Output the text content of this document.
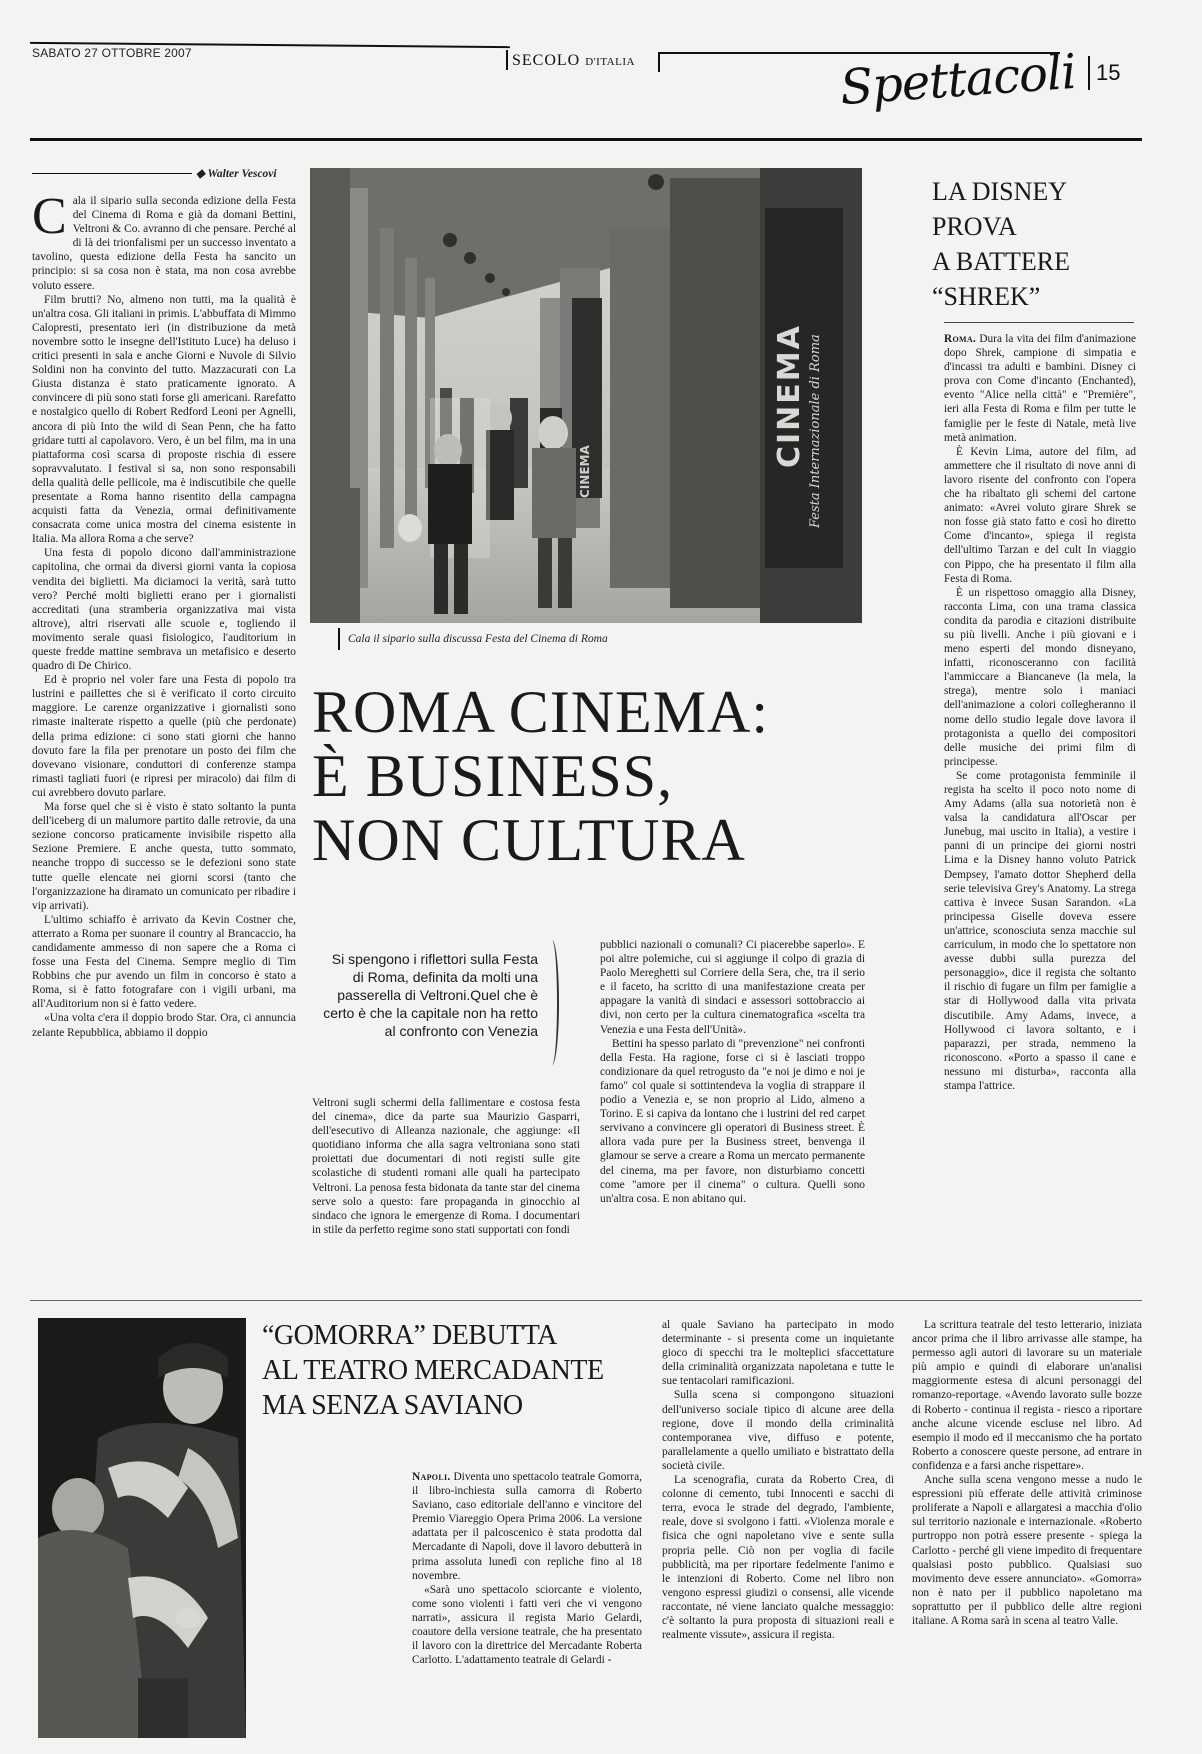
SABATO 27 OTTOBRE 2007	SECOLO D'ITALIA	Spettacoli 15
◆ Walter Vescovi

Cala il sipario sulla seconda edizione della Festa del Cinema di Roma e già da domani Bettini, Veltroni & Co. avranno di che pensare. Perché al di là dei trionfalismi per un successo inventato a tavolino, questa edizione della Festa ha sancito un principio: si sa cosa non è stata, ma non cosa avrebbe voluto essere.

Film brutti? No, almeno non tutti, ma la qualità è un'altra cosa. Gli italiani in primis. L'abbuffata di Mimmo Calopresti, presentato ieri (in distribuzione da metà novembre sotto le insegne dell'Istituto Luce) ha deluso i critici presenti in sala e anche Giorni e Nuvole di Silvio Soldini non ha convinto del tutto. Mazzacurati con La Giusta distanza è stato praticamente ignorato. A convincere di più sono stati forse gli americani. Rarefatto e nostalgico quello di Robert Redford Leoni per Agnelli, ancora di più Into the wild di Sean Penn, che ha fatto gridare tutti al capolavoro. Vero, è un bel film, ma in una piattaforma così scarsa di proposte rischia di essere sopravvalutato. I festival si sa, non sono responsabili della qualità delle pellicole, ma è indiscutibile che quelle presentate a Roma hanno risentito della campagna acquisti fatta da Venezia, ormai definitivamente consacrata come unica mostra del cinema esistente in Italia. Ma allora Roma a che serve?

Una festa di popolo dicono dall'amministrazione capitolina, che ormai da diversi giorni vanta la copiosa vendita dei biglietti. Ma diciamoci la verità, sarà tutto vero? Perché molti biglietti erano per i giornalisti accreditati (una stramberia organizzativa mai vista altrove), altri riservati alle scuole e, togliendo il movimento serale quasi fisiologico, l'auditorium in queste fredde mattine sembrava un metafisico e deserto quadro di De Chirico.

Ed è proprio nel voler fare una Festa di popolo tra lustrini e paillettes che si è verificato il corto circuito maggiore. Le carenze organizzative i giornalisti sono rimaste inalterate rispetto a quelle (più che perdonate) della prima edizione: ci sono stati giorni che hanno dovuto fare la fila per prenotare un posto dei film che dovevano visionare, conduttori di conferenze stampa rimasti tagliati fuori (e ripresi per miracolo) dai film di cui avrebbero dovuto parlare.

Ma forse quel che si è visto è stato soltanto la punta dell'iceberg di un malumore partito dalle retrovie, da una sezione concorso praticamente invisibile rispetto alla Sezione Premiere. E anche questa, tutto sommato, neanche troppo di successo se le defezioni sono state tutte quelle elencate nei giorni scorsi (tanto che l'organizzazione ha diramato un comunicato per ribadire i vip arrivati).

L'ultimo schiaffo è arrivato da Kevin Costner che, atterrato a Roma per suonare il country al Brancaccio, ha candidamente ammesso di non sapere che a Roma ci fosse una Festa del Cinema. Sempre meglio di Tim Robbins che pur avendo un film in concorso è stato a Roma, si è fatto fotografare con i vigili urbani, ma all'Auditorium non si è fatto vedere.

«Una volta c'era il doppio brodo Star. Ora, ci annuncia zelante Repubblica, abbiamo il doppio

CINEMA Festa Internazionale di Roma
CINEMA
Cala il sipario sulla discussa Festa del Cinema di Roma
ROMA CINEMA:
È BUSINESS,
NON CULTURA
Si spengono i riflettori sulla Festa di Roma, definita da molti una passerella di Veltroni.Quel che è certo è che la capitale non ha retto al confronto con Venezia

Veltroni sugli schermi della fallimentare e costosa festa del cinema», dice da parte sua Maurizio Gasparri, dell'esecutivo di Alleanza nazionale, che aggiunge: «Il quotidiano informa che alla sagra veltroniana sono stati proiettati due documentari di noti registi sulle gite scolastiche di studenti romani alle quali ha partecipato Veltroni. La penosa festa bidonata da tante star del cinema serve solo a questo: fare propaganda in ginocchio al sindaco che ignora le emergenze di Roma. I documentari in stile da perfetto regime sono stati supportati con fondi

pubblici nazionali o comunali? Ci piacerebbe saperlo». E poi altre polemiche, cui si aggiunge il colpo di grazia di Paolo Mereghetti sul Corriere della Sera, che, tra il serio e il faceto, ha scritto di una manifestazione creata per appagare la vanità di sindaci e assessori sottobraccio ai divi, non certo per la cultura cinematografica «scelta tra Venezia e una Festa dell'Unità».

Bettini ha spesso parlato di "prevenzione" nei confronti della Festa. Ha ragione, forse ci si è lasciati troppo condizionare da quel retrogusto da "e noi je dimo e noi je famo" col quale si sottintendeva la voglia di strappare il podio a Venezia e, se non proprio al Lido, almeno a Torino. E si capiva da lontano che i lustrini del red carpet servivano a convincere gli operatori di Business street. È allora vada pure per la Business street, benvenga il glamour se serve a creare a Roma un mercato permanente del cinema, ma per favore, non disturbiamo concetti come "amore per il cinema" o cultura. Quelli sono un'altra cosa. E non abitano qui.

LA DISNEY
PROVA
A BATTERE
“SHREK”

Roma. Dura la vita dei film d'animazione dopo Shrek, campione di simpatia e d'incassi tra adulti e bambini. Disney ci prova con Come d'incanto (Enchanted), evento "Alice nella città" e "Première", ieri alla Festa di Roma e film per tutte le famiglie per le feste di Natale, metà live metà animation.

È Kevin Lima, autore del film, ad ammettere che il risultato di nove anni di lavoro risente del confronto con l'opera che ha ribaltato gli schemi del cartone animato: «Avrei voluto girare Shrek se non fosse già stato fatto e così ho diretto Come d'incanto», spiega il regista dell'ultimo Tarzan e del cult In viaggio con Pippo, che ha presentato il film alla Festa di Roma.

È un rispettoso omaggio alla Disney, racconta Lima, con una trama classica condita da parodia e citazioni distribuite su più livelli. Anche i più giovani e i meno esperti del mondo disneyano, infatti, riconosceranno con facilità l'ammiccare a Biancaneve (la mela, la strega), mentre solo i maniaci dell'animazione a colori collegheranno il nome dello studio legale dove lavora il protagonista a quello dei compositori delle musiche dei primi film di principesse.

Se come protagonista femminile il regista ha scelto il poco noto nome di Amy Adams (alla sua notorietà non è valsa la candidatura all'Oscar per Junebug, mai uscito in Italia), a vestire i panni di un principe dei giorni nostri Lima e la Disney hanno voluto Patrick Dempsey, l'amato dottor Shepherd della serie televisiva Grey's Anatomy. La strega cattiva è invece Susan Sarandon. «La principessa Giselle doveva essere un'attrice, sconosciuta senza macchie sul carriculum, in modo che lo spettatore non avesse dubbi sulla purezza del personaggio», dice il regista che soltanto il rischio di fugare un film per famiglie a star di Hollywood dalla vita privata discutibile. Amy Adams, invece, a Hollywood ci lavora soltanto, e i paparazzi, per strada, nemmeno la riconoscono. «Porto a spasso il cane e nessuno mi disturba», racconta alla stampa l'attrice.

“GOMORRA” DEBUTTA
AL TEATRO MERCADANTE
MA SENZA SAVIANO

Napoli. Diventa uno spettacolo teatrale Gomorra, il libro-inchiesta sulla camorra di Roberto Saviano, caso editoriale dell'anno e vincitore del Premio Viareggio Opera Prima 2006. La versione adattata per il palcoscenico è stata prodotta dal Mercadante di Napoli, dove il lavoro debutterà in prima assoluta lunedì con repliche fino al 18 novembre.

«Sarà uno spettacolo sciorcante e violento, come sono violenti i fatti veri che vi vengono narrati», assicura il regista Mario Gelardi, coautore della versione teatrale, che ha presentato il lavoro con la direttrice del Mercadante Roberta Carlotto. L'adattamento teatrale di Gelardi -

al quale Saviano ha partecipato in modo determinante - si presenta come un inquietante gioco di specchi tra le molteplici sfaccettature della criminalità organizzata napoletana e tutte le sue tentacolari ramificazioni.

Sulla scena si compongono situazioni dell'universo sociale tipico di alcune aree della regione, dove il mondo della criminalità contemporanea vive, diffuso e potente, parallelamente a quello umiliato e bistrattato della società civile.

La scenografia, curata da Roberto Crea, di colonne di cemento, tubi Innocenti e sacchi di terra, evoca le strade del degrado, l'ambiente, reale, dove si svolgono i fatti. «Violenza morale e fisica che ogni napoletano vive e sente sulla propria pelle. Ciò non per voglia di facile pubblicità, ma per riportare fedelmente l'animo e le intenzioni di Roberto. Come nel libro non vengono espressi giudizi o consensi, alle vicende raccontate, né viene lanciato qualche messaggio: c'è soltanto la pura proposta di situazioni reali e realmente vissute», assicura il regista.

La scrittura teatrale del testo letterario, iniziata ancor prima che il libro arrivasse alle stampe, ha permesso agli autori di lavorare su un materiale più ampio e quindi di elaborare un'analisi maggiormente estesa di alcuni personaggi del romanzo-reportage. «Avendo lavorato sulle bozze di Roberto - continua il regista - riesco a riportare anche alcune vicende escluse nel libro. Ad esempio il modo ed il meccanismo che ha portato Roberto a conoscere queste persone, ad entrare in confidenza e a farsi anche rispettare».

Anche sulla scena vengono messe a nudo le espressioni più efferate delle attività criminose proliferate a Napoli e allargatesi a macchia d'olio sul territorio nazionale e internazionale. «Roberto purtroppo non potrà essere presente - spiega la Carlotto - perché gli viene impedito di frequentare qualsiasi posto pubblico. Qualsiasi suo movimento deve essere annunciato». «Gomorra» non è nato per il pubblico napoletano ma soprattutto per il pubblico delle altre regioni italiane. A Roma sarà in scena al teatro Valle.
